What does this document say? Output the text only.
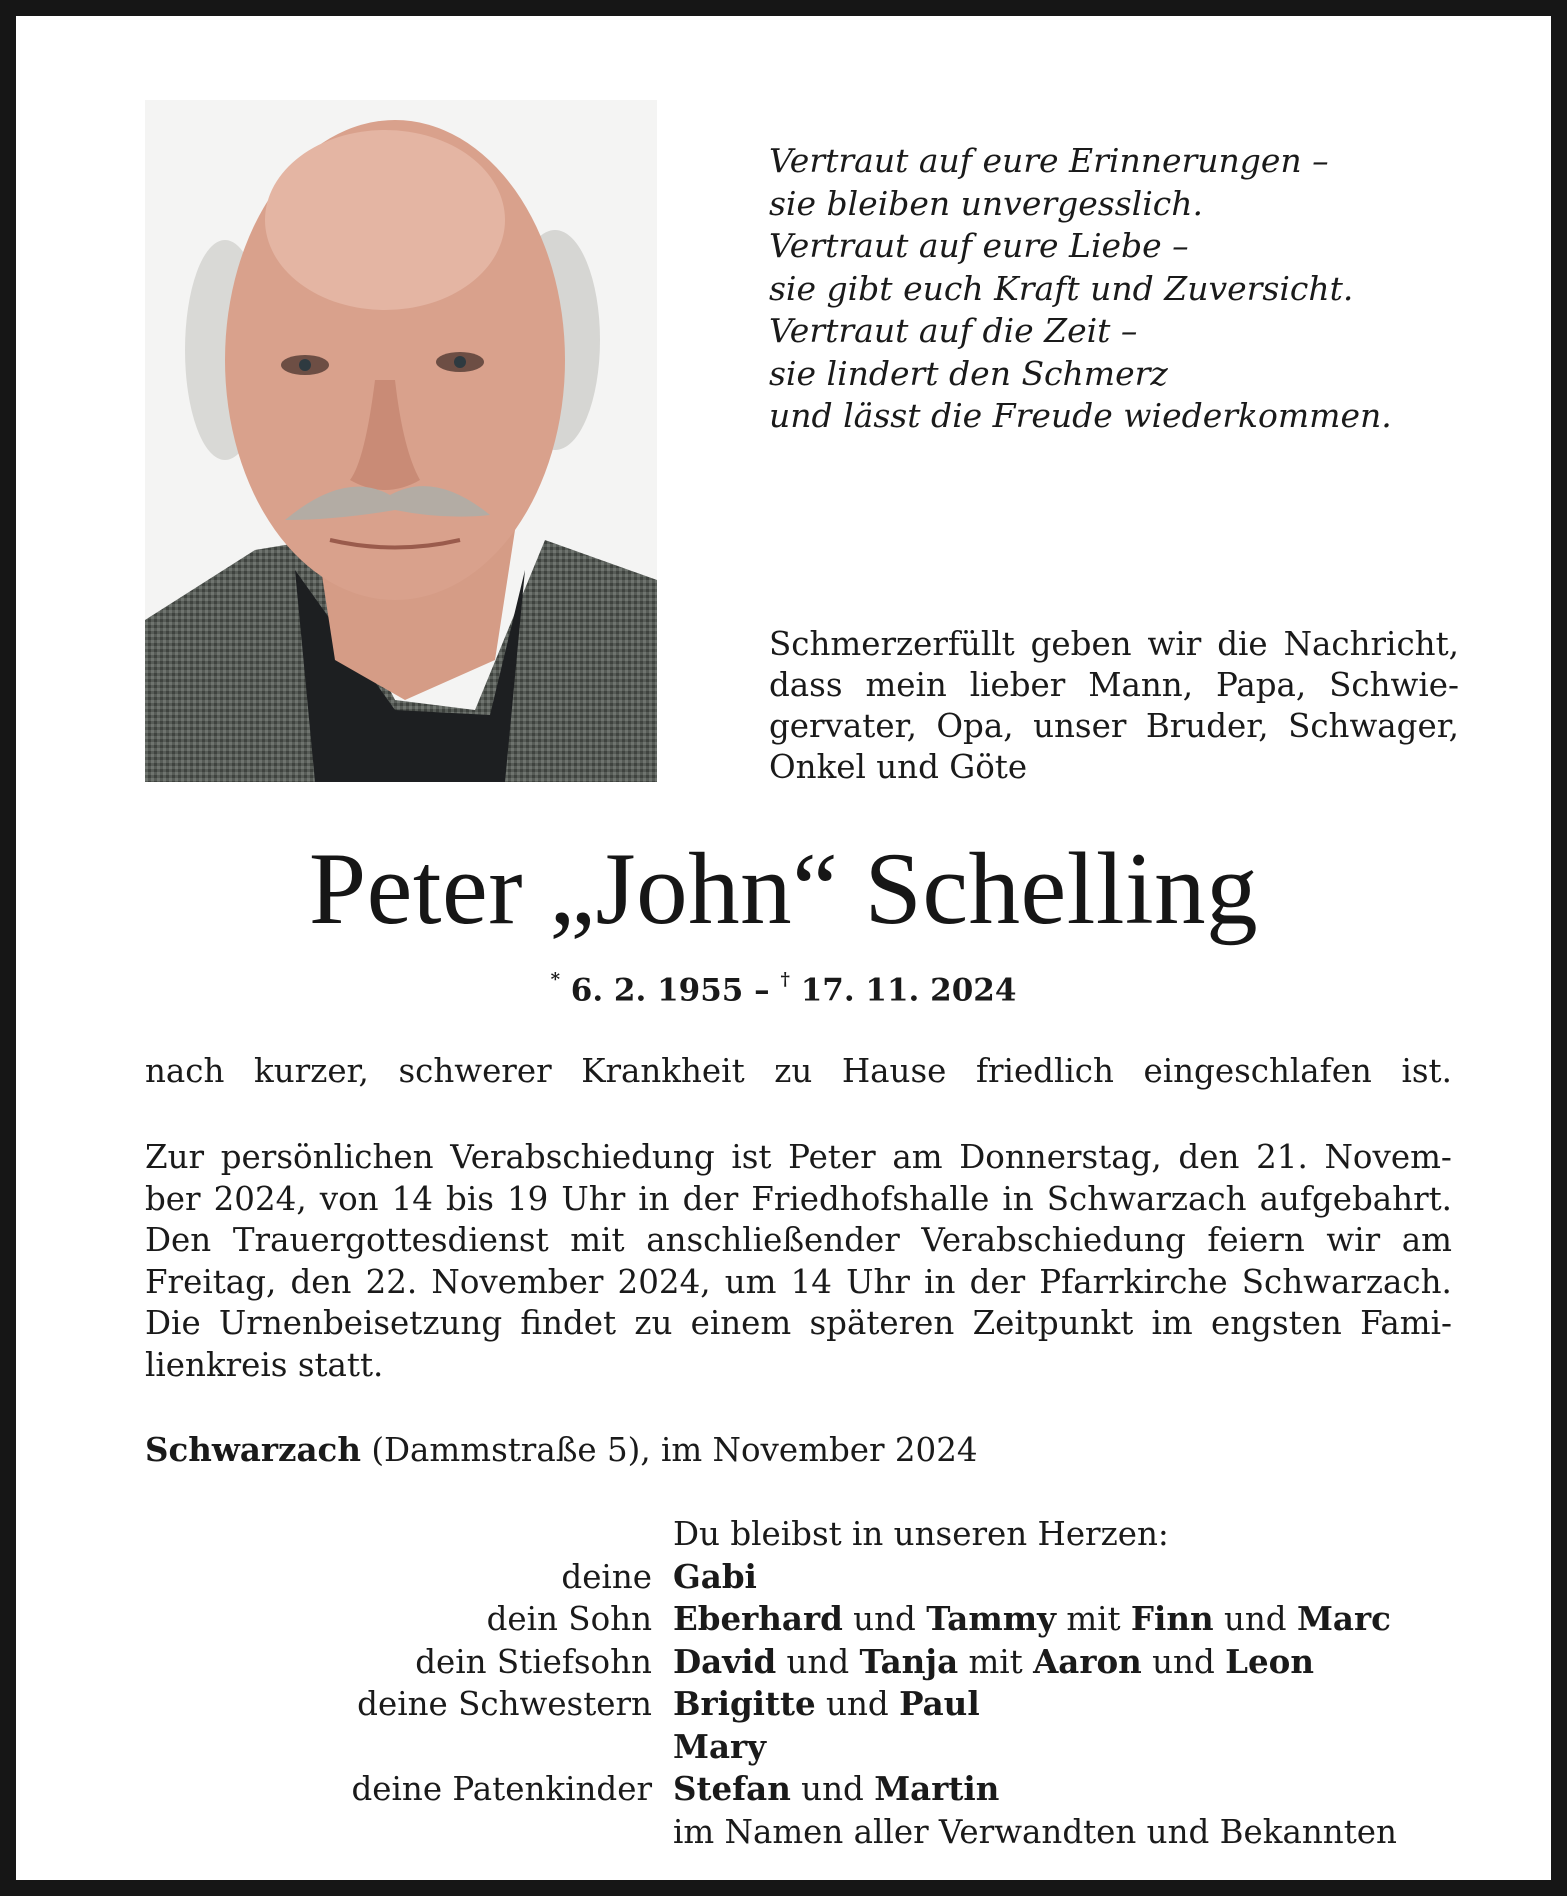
Vertraut auf eure Erinnerungen –
sie bleiben unvergesslich.
Vertraut auf eure Liebe –
sie gibt euch Kraft und Zuversicht.
Vertraut auf die Zeit –
sie lindert den Schmerz
und lässt die Freude wiederkommen.
Schmerzerfüllt geben wir die Nachricht,
dass mein lieber Mann, Papa, Schwie-
gervater, Opa, unser Bruder, Schwager,
Onkel und Göte
Peter „John“ Schelling
* 6. 2. 1955 – † 17. 11. 2024
nach kurzer, schwerer Krankheit zu Hause friedlich eingeschlafen ist.
Zur persönlichen Verabschiedung ist Peter am Donnerstag, den 21. Novem-
ber 2024, von 14 bis 19 Uhr in der Friedhofshalle in Schwarzach aufgebahrt.
Den Trauergottesdienst mit anschließender Verabschiedung feiern wir am
Freitag, den 22. November 2024, um 14 Uhr in der Pfarrkirche Schwarzach.
Die Urnenbeisetzung findet zu einem späteren Zeitpunkt im engsten Fami-
lienkreis statt.
Schwarzach (Dammstraße 5), im November 2024
Du bleibst in unseren Herzen:
deine Gabi
dein Sohn Eberhard und Tammy mit Finn und Marc
dein Stiefsohn David und Tanja mit Aaron und Leon
deine Schwestern Brigitte und Paul
Mary
deine Patenkinder Stefan und Martin
im Namen aller Verwandten und Bekannten
